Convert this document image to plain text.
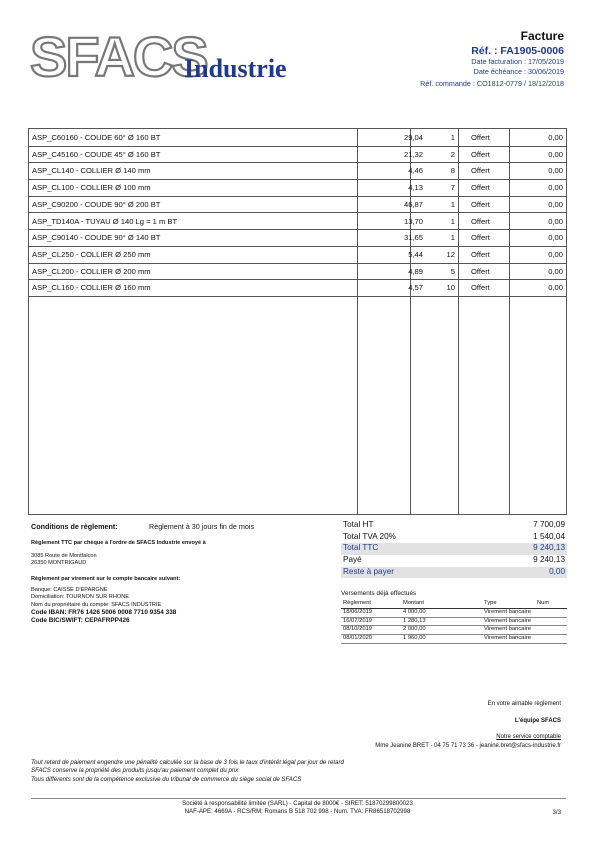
SFACS
Industrie
Facture
Réf. : FA1905-0006
Date facturation : 17/05/2019
Date échéance : 30/06/2019
Réf. commande : CO1812-0779 / 18/12/2018
ASP_C60160 - COUDE 60° Ø 160 BT	29,04	1 Offert	0,00
ASP_C45160 - COUDE 45° Ø 160 BT	21,32	2 Offert	0,00
ASP_CL140 - COLLIER Ø 140 mm	4,46	8 Offert	0,00
ASP_CL100 - COLLIER Ø 100 mm	4,13	7 Offert	0,00
ASP_C90200 - COUDE 90° Ø 200 BT	46,87	1 Offert	0,00
ASP_TD140A - TUYAU Ø 140 Lg = 1 m BT	13,70	1 Offert	0,00
ASP_C90140 - COUDE 90° Ø 140 BT	31,65	1 Offert	0,00
ASP_CL250 - COLLIER Ø 250 mm	5,44	12 Offert	0,00
ASP_CL200 - COLLIER Ø 200 mm	4,89	5 Offert	0,00
ASP_CL160 - COLLIER Ø 160 mm	4,57	10 Offert	0,00
Conditions de règlement:	Règlement à 30 jours fin de mois
Règlement TTC par chèque à l'ordre de SFACS Industrie envoyé à
3085 Route de Montfalcon
26350 MONTRIGAUD
Règlement par virement sur le compte bancaire suivant:
Banque: CAISSE D'EPARGNE
Domiciliation: TOURNON SUR RHONE
Nom du propriétaire du compte: SFACS INDUSTRIE
Code IBAN: FR76 1426 5006 0008 7710 9354 338
Code BIC/SWIFT: CEPAFRPP426
Total HT	7 700,09
Total TVA 20%	1 540,04
Total TTC	9 240,13
Payé	9 240,13
Reste à payer	0,00
Versements déjà effectués
Règlement	Montant	Type	Num
18/06/2019	4 000,00	Virement bancaire
16/07/2019	1 280,13	Virement bancaire
08/10/2019	2 000,00	Virement bancaire
08/01/2020	1 960,00	Virement bancaire
En votre aimable règlement
L'équipe SFACS
Notre service comptable
Mme Jeanine BRET - 04 75 71 73 36 - jeanine.bret@sfacs-industrie.fr
Tout retard de paiement engendre une pénalité calculée sur la base de 3 fois le taux d'intérêt légal par jour de retard
SFACS conserve la propriété des produits jusqu'au paiement complet du prix
Tous différents sont de la compétence exclusive du tribunal de commerce du siège social de SFACS
Société à responsabilité limitée (SARL) - Capital de 8000€ - SIRET: 51870299800023
NAF-APE: 4669A - RCS/RM: Romans B 518 702 998 - Num. TVA: FR86518702998	3/3
